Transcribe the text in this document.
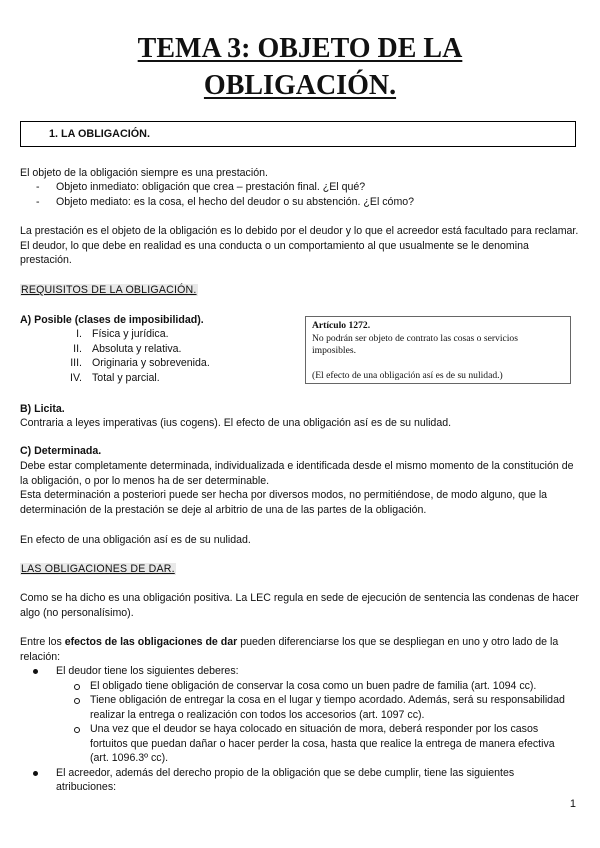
TEMA 3: OBJETO DE LA
OBLIGACIÓN.
1. LA OBLIGACIÓN.

El objeto de la obligación siempre es una prestación.

- Objeto inmediato: obligación que crea – prestación final. ¿El qué?
- Objeto mediato: es la cosa, el hecho del deudor o su abstención. ¿El cómo?

La prestación es el objeto de la obligación es lo debido por el deudor y lo que el acreedor está facultado para reclamar. El deudor, lo que debe en realidad es una conducta o un comportamiento al que usualmente se le denomina prestación.

REQUISITOS DE LA OBLIGACIÓN.

A) Posible (clases de imposibilidad).

I. Física y jurídica.
II. Absoluta y relativa.
III. Originaria y sobrevenida.
IV. Total y parcial.
Artículo 1272.
No podrán ser objeto de contrato las cosas o servicios imposibles.
(El efecto de una obligación así es de su nulidad.)

B) Licita.

Contraria a leyes imperativas (ius cogens). El efecto de una obligación así es de su nulidad.

C) Determinada.

Debe estar completamente determinada, individualizada e identificada desde el mismo momento de la constitución de la obligación, o por lo menos ha de ser determinable.

Esta determinación a posteriori puede ser hecha por diversos modos, no permitiéndose, de modo alguno, que la determinación de la prestación se deje al arbitrio de una de las partes de la obligación.

En efecto de una obligación así es de su nulidad.

LAS OBLIGACIONES DE DAR.

Como se ha dicho es una obligación positiva. La LEC regula en sede de ejecución de sentencia las condenas de hacer algo (no personalísimo).

Entre los efectos de las obligaciones de dar pueden diferenciarse los que se despliegan en uno y otro lado de la relación:

El deudor tiene los siguientes deberes:
El obligado tiene obligación de conservar la cosa como un buen padre de familia (art. 1094 cc).
Tiene obligación de entregar la cosa en el lugar y tiempo acordado. Además, será su responsabilidad realizar la entrega o realización con todos los accesorios (art. 1097 cc).
Una vez que el deudor se haya colocado en situación de mora, deberá responder por los casos fortuitos que puedan dañar o hacer perder la cosa, hasta que realice la entrega de manera efectiva (art. 1096.3º cc).
El acreedor, además del derecho propio de la obligación que se debe cumplir, tiene las siguientes atribuciones:
1
